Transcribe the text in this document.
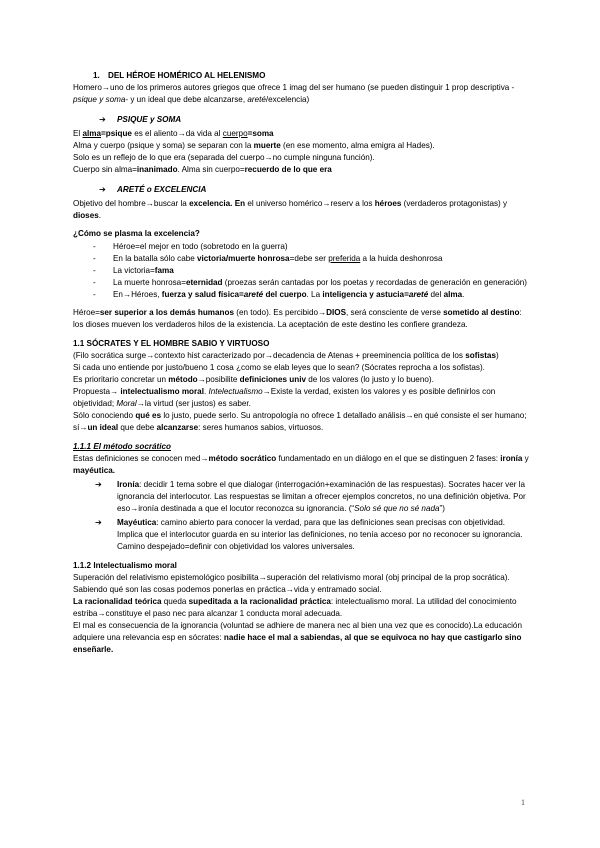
1. DEL HÉROE HOMÉRICO AL HELENISMO

Homero→uno de los primeros autores griegos que ofrece 1 imag del ser humano (se pueden distinguir 1 prop descriptiva -psique y soma- y un ideal que debe alcanzarse, areté/excelencia)

➔ PSIQUE y SOMA

El alma=psique es el aliento→da vida al cuerpo=soma

Alma y cuerpo (psique y soma) se separan con la muerte (en ese momento, alma emigra al Hades).

Solo es un reflejo de lo que era (separada del cuerpo→no cumple ninguna función).

Cuerpo sin alma=inanimado. Alma sin cuerpo=recuerdo de lo que era

➔ ARETÉ o EXCELENCIA

Objetivo del hombre→buscar la excelencia. En el universo homérico→reserv a los héroes (verdaderos protagonistas) y dioses.

¿Cómo se plasma la excelencia?

- Héroe=el mejor en todo (sobretodo en la guerra)
- En la batalla sólo cabe victoria/muerte honrosa=debe ser preferida a la huida deshonrosa
- La victoria=fama
- La muerte honrosa=eternidad (proezas serán cantadas por los poetas y recordadas de generación en generación)
- En→Héroes, fuerza y salud física=areté del cuerpo. La inteligencia y astucia=areté del alma.

Héroe=ser superior a los demás humanos (en todo). Es percibido→DIOS, será consciente de verse sometido al destino: los dioses mueven los verdaderos hilos de la existencia. La aceptación de este destino les confiere grandeza.

1.1 SÓCRATES Y EL HOMBRE SABIO Y VIRTUOSO

(Filo socrática surge→contexto hist caracterizado por→decadencia de Atenas + preeminencia política de los sofistas)

Si cada uno entiende por justo/bueno 1 cosa ¿como se elab leyes que lo sean? (Sócrates reprocha a los sofistas).

Es prioritario concretar un método→posibilite definiciones univ de los valores (lo justo y lo bueno).

Propuesta→ intelectualismo moral. Intelectualismo→Existe la verdad, existen los valores y es posible definirlos con objetividad; Moral→la virtud (ser justos) es saber.

Sólo conociendo qué es lo justo, puede serlo. Su antropología no ofrece 1 detallado análisis→en qué consiste el ser humano; sí→un ideal que debe alcanzarse: seres humanos sabios, virtuosos.

1.1.1 El método socrático

Estas definiciones se conocen med→método socrático fundamentado en un diálogo en el que se distinguen 2 fases: ironía y mayéutica.

➔ Ironía: decidir 1 tema sobre el que dialogar (interrogación+examinación de las respuestas). Socrates hacer ver la ignorancia del interlocutor. Las respuestas se limitan a ofrecer ejemplos concretos, no una definición objetiva. Por eso→ironía destinada a que el locutor reconozca su ignorancia. (“Solo sé que no sé nada”)

➔ Mayéutica: camino abierto para conocer la verdad, para que las definiciones sean precisas con objetividad.

Implica que el interlocutor guarda en su interior las definiciones, no tenía acceso por no reconocer su ignorancia. Camino despejado=definir con objetividad los valores universales.

1.1.2 Intelectualismo moral

Superación del relativismo epistemológico posibilita→superación del relativismo moral (obj principal de la prop socrática). Sabiendo qué son las cosas podemos ponerlas en práctica→vida y entramado social.

La racionalidad teórica queda supeditada a la racionalidad práctica: intelectualismo moral. La utilidad del conocimiento estriba→constituye el paso nec para alcanzar 1 conducta moral adecuada.

El mal es consecuencia de la ignorancia (voluntad se adhiere de manera nec al bien una vez que es conocido).La educación adquiere una relevancia esp en sócrates: nadie hace el mal a sabiendas, al que se equivoca no hay que castigarlo sino enseñarle.

1
